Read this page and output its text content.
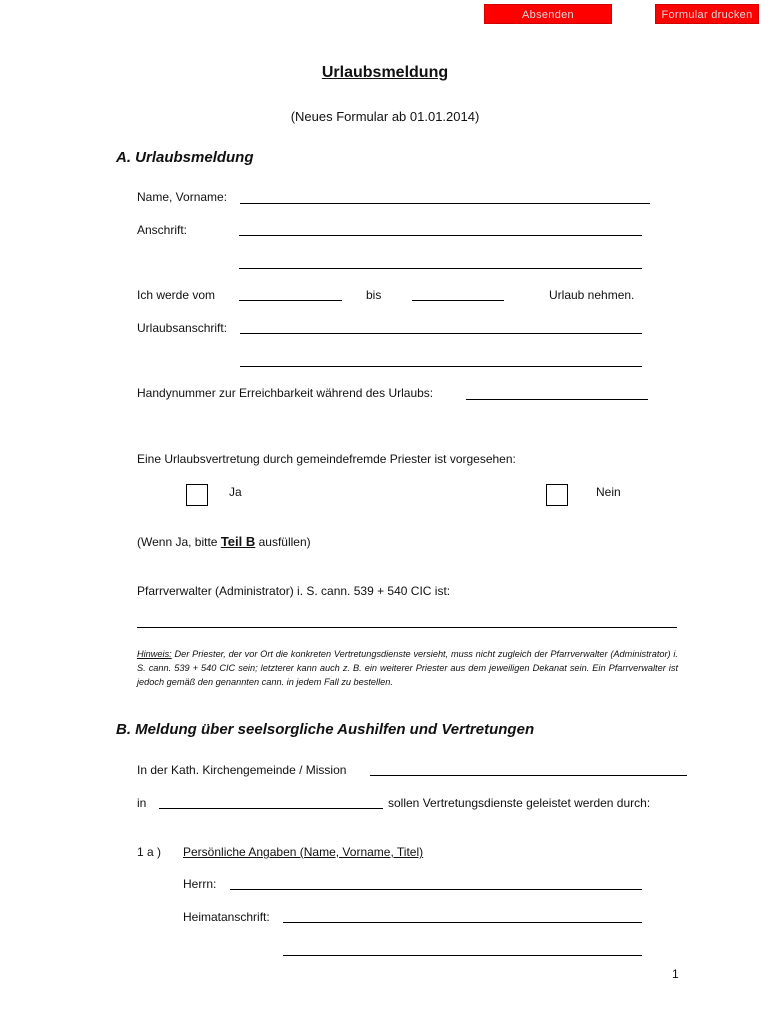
Absenden	Formular drucken
Urlaubsmeldung
(Neues Formular ab 01.01.2014)
A. Urlaubsmeldung
Name, Vorname:
Anschrift:
Ich werde vom	bis	Urlaub nehmen.
Urlaubsanschrift:
Handynummer zur Erreichbarkeit während des Urlaubs:
Eine Urlaubsvertretung durch gemeindefremde Priester ist vorgesehen:
Ja	Nein
(Wenn Ja, bitte Teil B ausfüllen)
Pfarrverwalter (Administrator) i. S. cann. 539 + 540 CIC ist:
Hinweis: Der Priester, der vor Ort die konkreten Vertretungsdienste versieht, muss nicht zugleich der Pfarrverwalter (Administrator) i. S. cann. 539 + 540 CIC sein; letzterer kann auch z. B. ein weiterer Priester aus dem jeweiligen Dekanat sein. Ein Pfarrverwalter ist jedoch gemäß den genannten cann. in jedem Fall zu bestellen.
B. Meldung über seelsorgliche Aushilfen und Vertretungen
In der Kath. Kirchengemeinde / Mission
in	sollen Vertretungsdienste geleistet werden durch:
1 a ) Persönliche Angaben (Name, Vorname, Titel)
Herrn:
Heimatanschrift:
1
